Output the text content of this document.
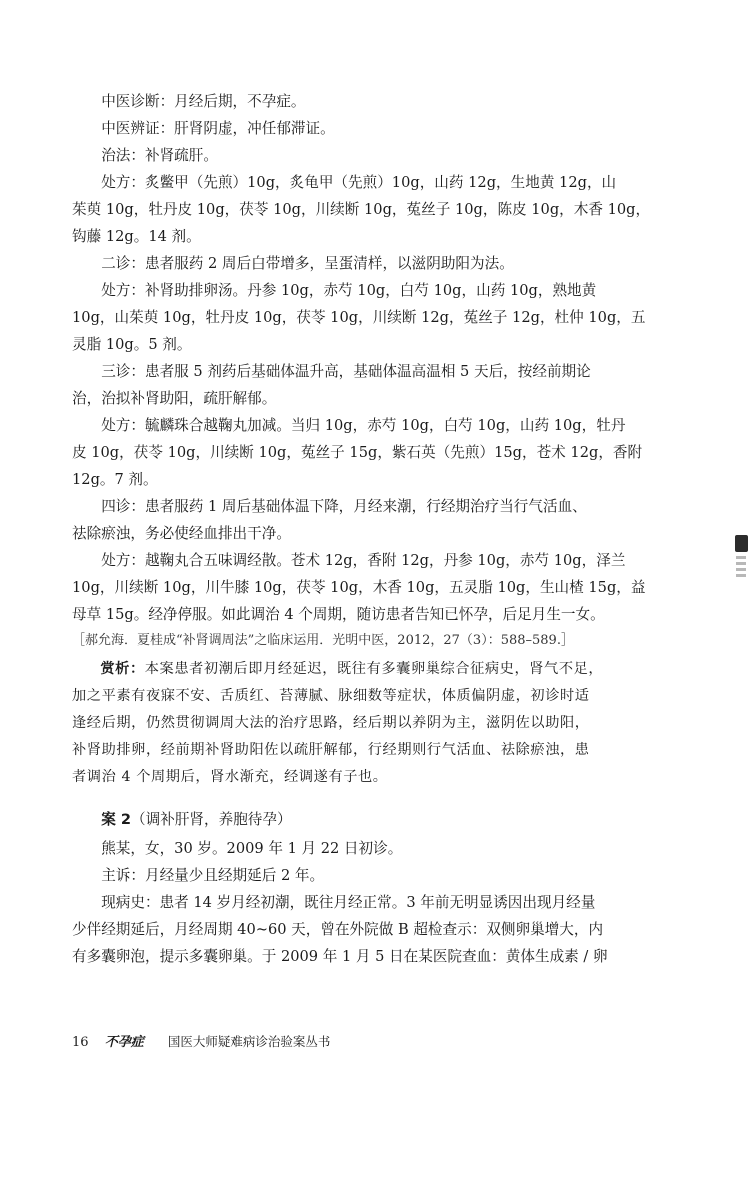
中医诊断：月经后期，不孕症。

中医辨证：肝肾阴虚，冲任郁滞证。

治法：补肾疏肝。

处方：炙鳖甲（先煎）10g，炙龟甲（先煎）10g，山药 12g，生地黄 12g，山
茱萸 10g，牡丹皮 10g，茯苓 10g，川续断 10g，菟丝子 10g，陈皮 10g，木香 10g，
钩藤 12g。14 剂。

二诊：患者服药 2 周后白带增多，呈蛋清样，以滋阴助阳为法。

处方：补肾助排卵汤。丹参 10g，赤芍 10g，白芍 10g，山药 10g，熟地黄
10g，山茱萸 10g，牡丹皮 10g，茯苓 10g，川续断 12g，菟丝子 12g，杜仲 10g，五
灵脂 10g。5 剂。
三诊：患者服 5 剂药后基础体温升高，基础体温高温相 5 天后，按经前期论
治，治拟补肾助阳，疏肝解郁。
处方：毓麟珠合越鞠丸加减。当归 10g，赤芍 10g，白芍 10g，山药 10g，牡丹
皮 10g，茯苓 10g，川续断 10g，菟丝子 15g，紫石英（先煎）15g，苍术 12g，香附
12g。7 剂。
四诊：患者服药 1 周后基础体温下降，月经来潮，行经期治疗当行气活血、
祛除瘀浊，务必使经血排出干净。
处方：越鞠丸合五味调经散。苍术 12g，香附 12g，丹参 10g，赤芍 10g，泽兰
10g，川续断 10g，川牛膝 10g，茯苓 10g，木香 10g，五灵脂 10g，生山楂 15g，益
母草 15g。经净停服。如此调治 4 个周期，随访患者告知已怀孕，后足月生一女。
［郝允海．夏桂成“补肾调周法”之临床运用．光明中医，2012，27（3）：588–589.］
赏析：本案患者初潮后即月经延迟，既往有多囊卵巢综合征病史，肾气不足，
加之平素有夜寐不安、舌质红、苔薄腻、脉细数等症状，体质偏阴虚，初诊时适
逢经后期，仍然贯彻调周大法的治疗思路，经后期以养阴为主，滋阴佐以助阳，
补肾助排卵，经前期补肾助阳佐以疏肝解郁，行经期则行气活血、祛除瘀浊，患
者调治 4 个周期后，肾水渐充，经调遂有子也。
案 2（调补肝肾，养胞待孕）

熊某，女，30 岁。2009 年 1 月 22 日初诊。

主诉：月经量少且经期延后 2 年。

现病史：患者 14 岁月经初潮，既往月经正常。3 年前无明显诱因出现月经量
少伴经期延后，月经周期 40~60 天，曾在外院做 B 超检查示：双侧卵巢增大，内
有多囊卵泡，提示多囊卵巢。于 2009 年 1 月 5 日在某医院查血：黄体生成素 / 卵
16 不孕症 国医大师疑难病诊治验案丛书
